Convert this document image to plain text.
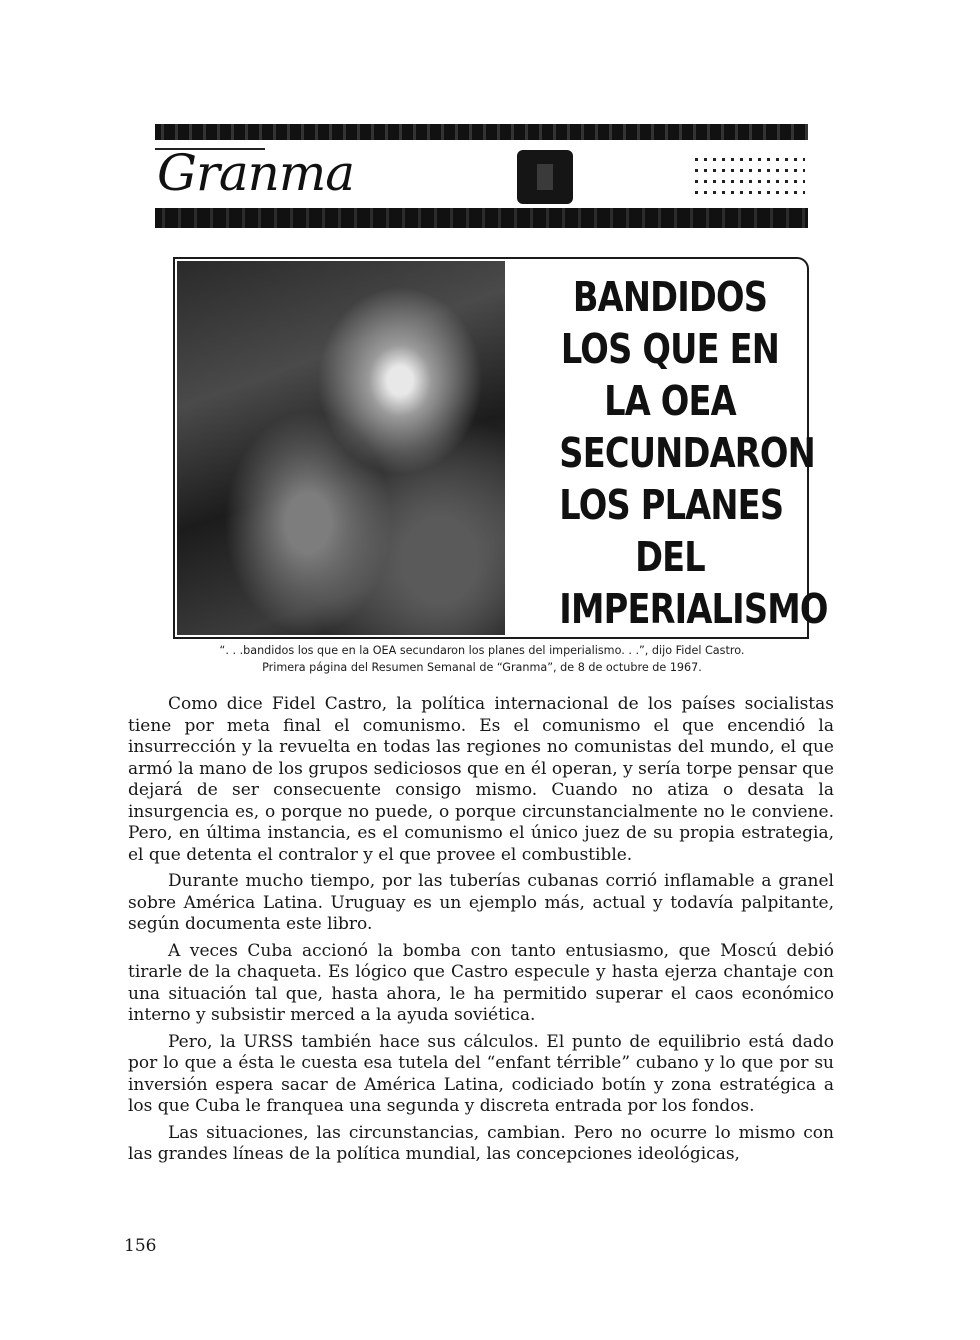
Granma
BANDIDOS
LOS QUE EN
LA OEA
SECUNDARON
LOS PLANES
DEL
IMPERIALISMO
“. . .bandidos los que en la OEA secundaron los planes del imperialismo. . .”, dijo Fidel Castro.
Primera página del Resumen Semanal de “Granma”, de 8 de octubre de 1967.

Como dice Fidel Castro, la política internacional de los países socialistas tiene por meta final el comunismo. Es el comunismo el que encendió la insurrección y la revuelta en todas las regiones no comunistas del mundo, el que armó la mano de los grupos sediciosos que en él operan, y sería torpe pensar que dejará de ser consecuente consigo mismo. Cuando no atiza o desata la insurgencia es, o porque no puede, o porque circunstancialmente no le conviene. Pero, en última instancia, es el comunismo el único juez de su propia estrategia, el que detenta el contralor y el que provee el combustible.

Durante mucho tiempo, por las tuberías cubanas corrió inflamable a granel sobre América Latina. Uruguay es un ejemplo más, actual y todavía palpitante, según documenta este libro.

A veces Cuba accionó la bomba con tanto entusiasmo, que Moscú debió tirarle de la chaqueta. Es lógico que Castro especule y hasta ejerza chantaje con una situación tal que, hasta ahora, le ha permitido superar el caos económico interno y subsistir merced a la ayuda soviética.

Pero, la URSS también hace sus cálculos. El punto de equilibrio está dado por lo que a ésta le cuesta esa tutela del “enfant térrible” cubano y lo que por su inversión espera sacar de América Latina, codiciado botín y zona estratégica a los que Cuba le franquea una segunda y discreta entrada por los fondos.

Las situaciones, las circunstancias, cambian. Pero no ocurre lo mismo con las grandes líneas de la política mundial, las concepciones ideológicas,

156
